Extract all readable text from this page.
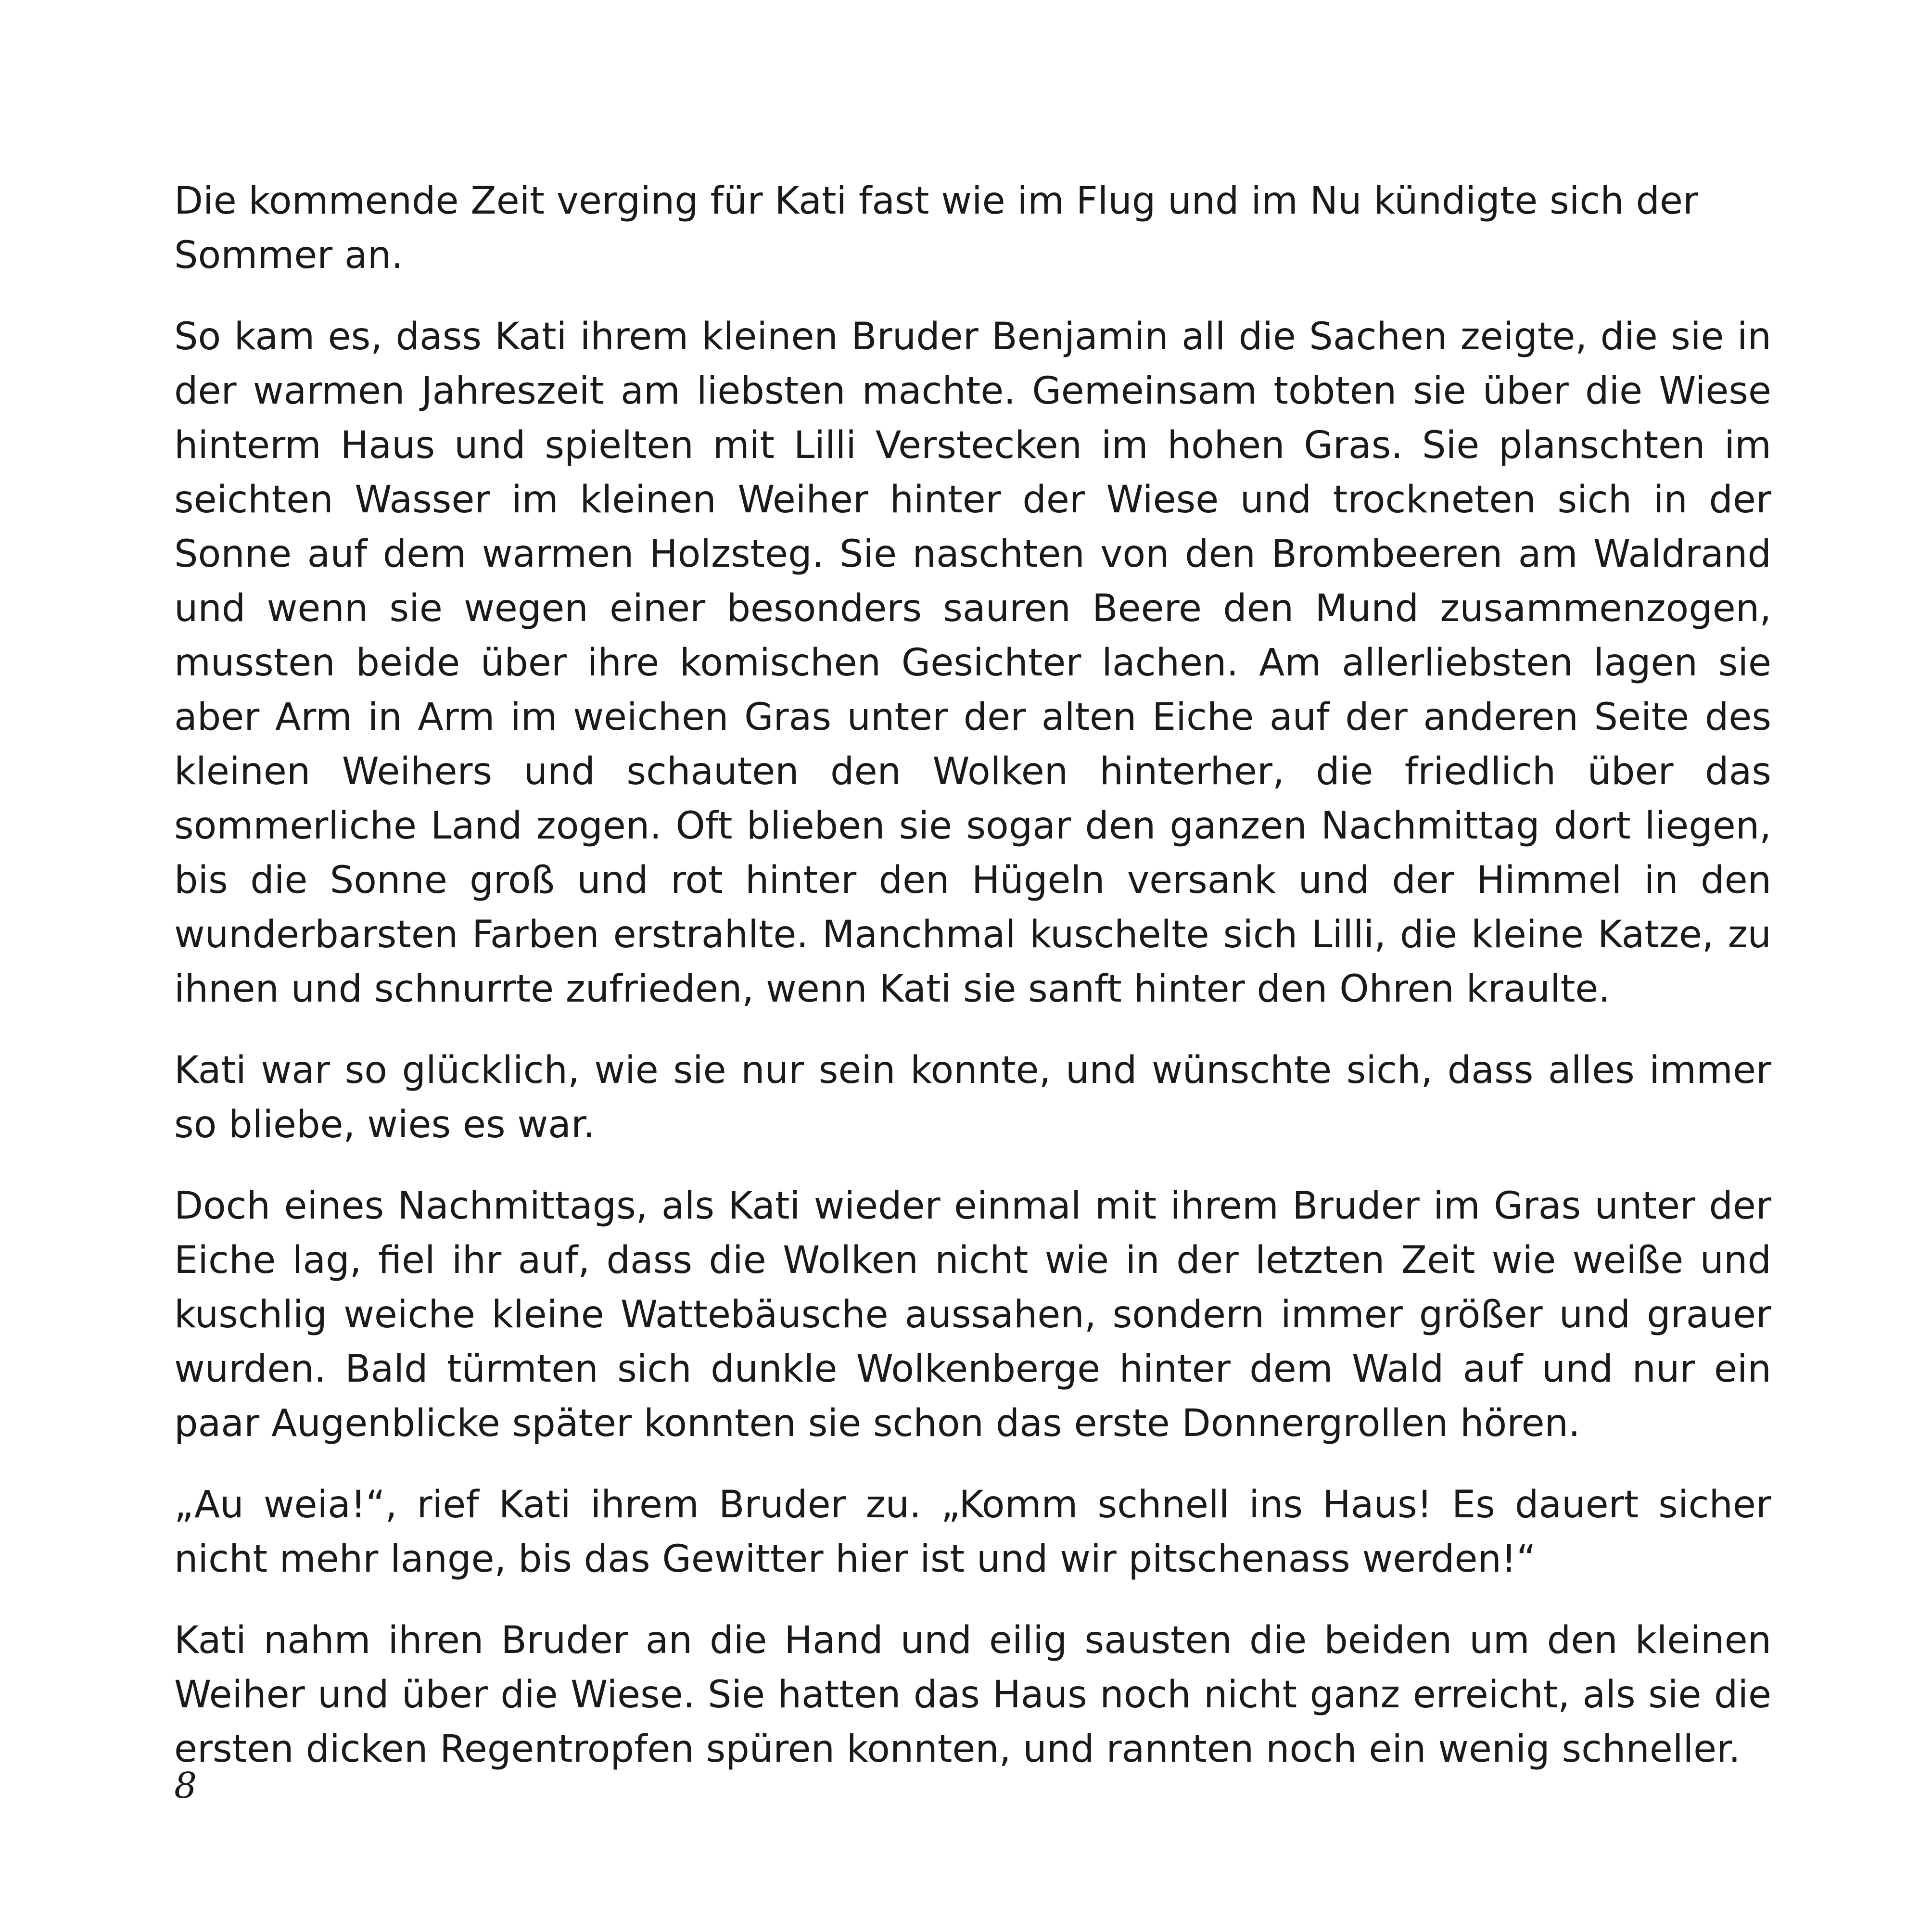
Die kommende Zeit verging für Kati fast wie im Flug und im Nu kündigte sich der Sommer an.

So kam es, dass Kati ihrem kleinen Bruder Benjamin all die Sachen zeigte, die sie in der warmen Jahreszeit am liebsten machte. Gemeinsam tobten sie über die Wiese hinterm Haus und spielten mit Lilli Verstecken im hohen Gras. Sie planschten im seichten Wasser im kleinen Weiher hinter der Wiese und trockneten sich in der Sonne auf dem warmen Holzsteg. Sie naschten von den Brombeeren am Waldrand und wenn sie wegen einer besonders sauren Beere den Mund zusammenzogen, mussten beide über ihre komischen Gesichter lachen. Am allerliebsten lagen sie aber Arm in Arm im weichen Gras unter der alten Eiche auf der anderen Seite des kleinen Weihers und schauten den Wolken hinterher, die friedlich über das sommerliche Land zogen. Oft blieben sie sogar den ganzen Nachmittag dort liegen, bis die Sonne groß und rot hinter den Hügeln versank und der Himmel in den wunderbarsten Farben erstrahlte. Manchmal kuschelte sich Lilli, die kleine Katze, zu ihnen und schnurrte zufrieden, wenn Kati sie sanft hinter den Ohren kraulte.

Kati war so glücklich, wie sie nur sein konnte, und wünschte sich, dass alles immer so bliebe, wies es war.

Doch eines Nachmittags, als Kati wieder einmal mit ihrem Bruder im Gras unter der Eiche lag, fiel ihr auf, dass die Wolken nicht wie in der letzten Zeit wie weiße und kuschlig weiche kleine Wattebäusche aussahen, sondern immer größer und grauer wurden. Bald türmten sich dunkle Wolkenberge hinter dem Wald auf und nur ein paar Augenblicke später konnten sie schon das erste Donnergrollen hören.

„Au weia!“, rief Kati ihrem Bruder zu. „Komm schnell ins Haus! Es dauert sicher nicht mehr lange, bis das Gewitter hier ist und wir pitschenass werden!“

Kati nahm ihren Bruder an die Hand und eilig sausten die beiden um den kleinen Weiher und über die Wiese. Sie hatten das Haus noch nicht ganz erreicht, als sie die ersten dicken Regentropfen spüren konnten, und rannten noch ein wenig schneller.

8
